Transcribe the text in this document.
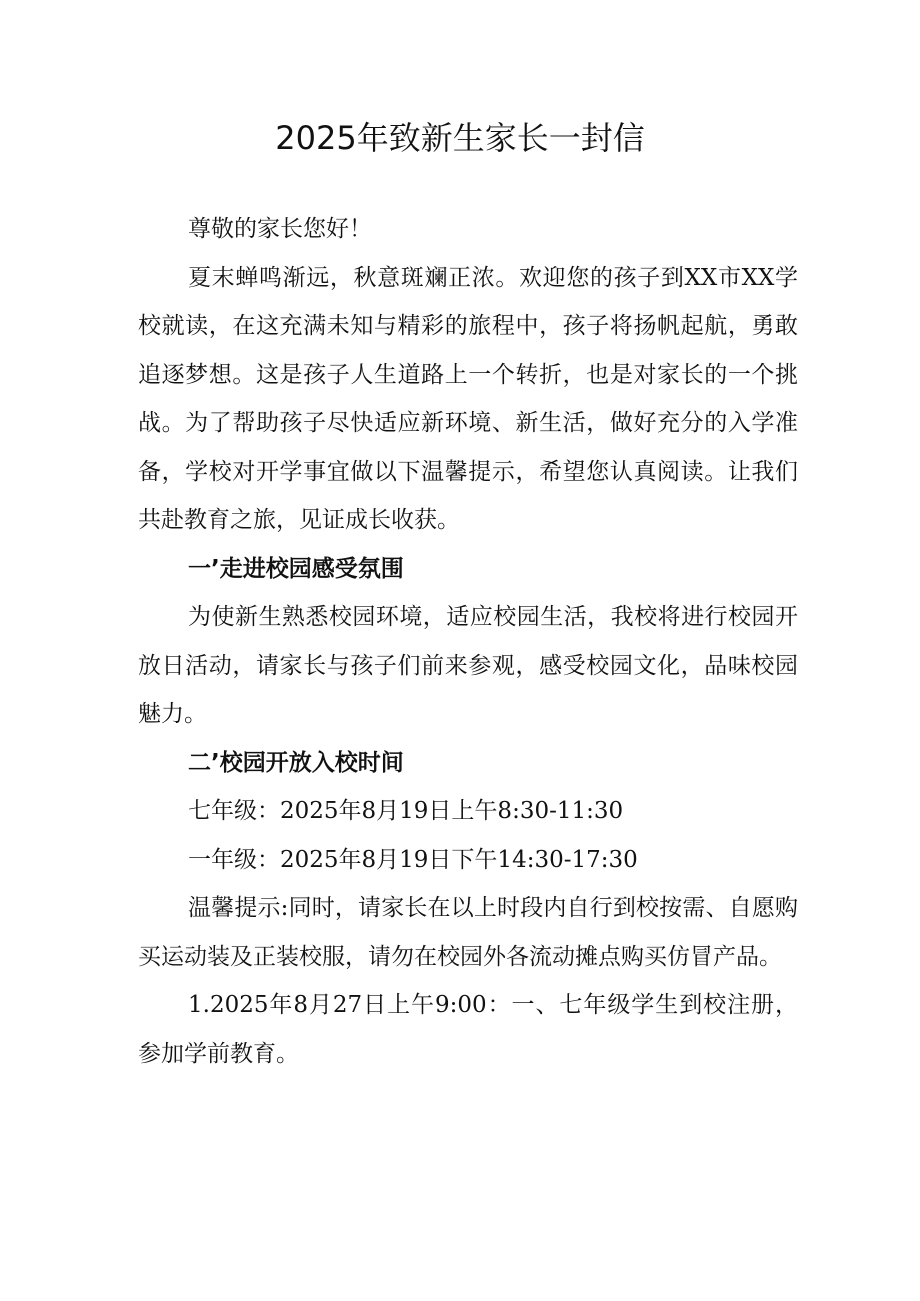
2025年致新生家长一封信

尊敬的家长您好！

夏末蝉鸣渐远，秋意斑斓正浓。欢迎您的孩子到XX市XX学校就读，在这充满未知与精彩的旅程中，孩子将扬帆起航，勇敢追逐梦想。这是孩子人生道路上一个转折，也是对家长的一个挑战。为了帮助孩子尽快适应新环境、新生活，做好充分的入学准备，学校对开学事宜做以下温馨提示，希望您认真阅读。让我们共赴教育之旅，见证成长收获。

一’走进校园感受氛围

为使新生熟悉校园环境，适应校园生活，我校将进行校园开放日活动，请家长与孩子们前来参观，感受校园文化，品味校园魅力。

二’校园开放入校时间

七年级：2025年8月19日上午8:30-11:30

一年级：2025年8月19日下午14:30-17:30

温馨提示:同时，请家长在以上时段内自行到校按需、自愿购买运动装及正装校服，请勿在校园外各流动摊点购买仿冒产品。

1.2025年8月27日上午9:00：一、七年级学生到校注册，参加学前教育。
